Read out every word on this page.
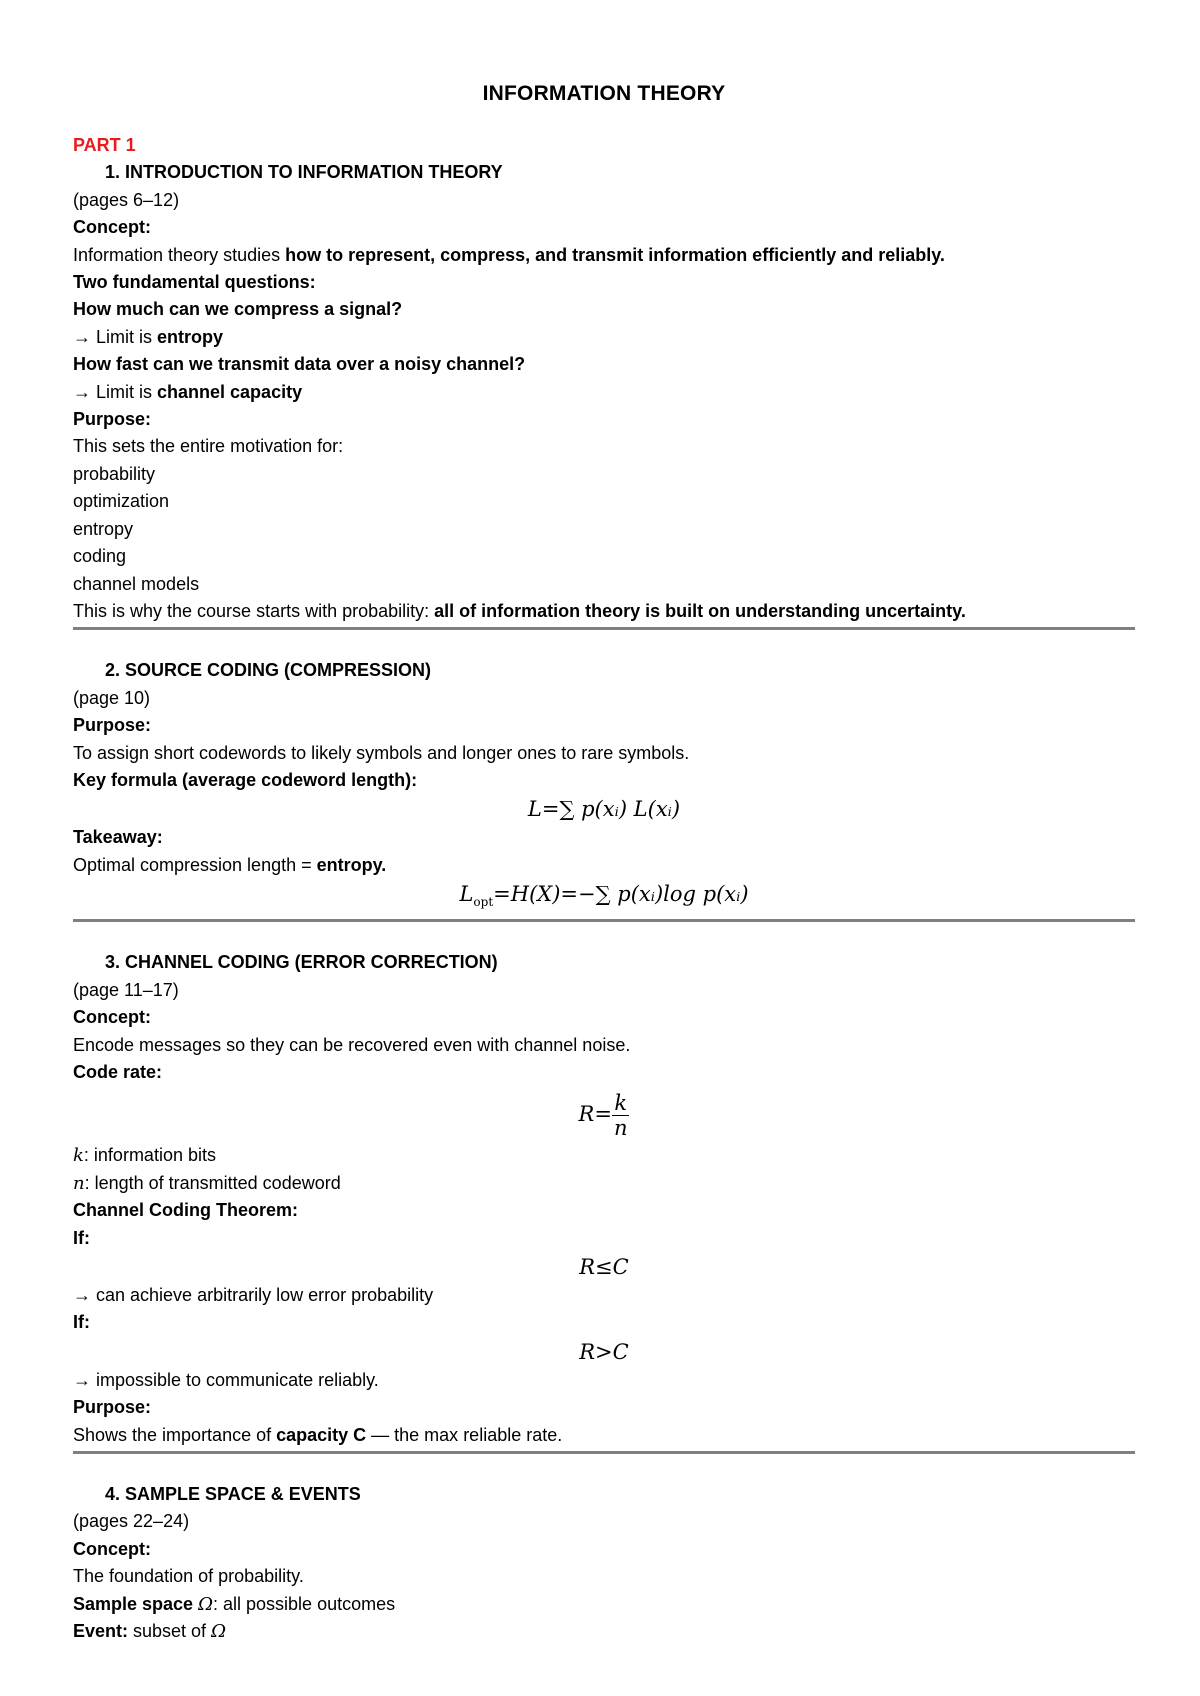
INFORMATION THEORY
PART 1
1. INTRODUCTION TO INFORMATION THEORY
(pages 6–12)
Concept:
Information theory studies how to represent, compress, and transmit information efficiently and reliably.
Two fundamental questions:
How much can we compress a signal?
→ Limit is entropy
How fast can we transmit data over a noisy channel?
→ Limit is channel capacity
Purpose:
This sets the entire motivation for:
probability
optimization
entropy
coding
channel models
This is why the course starts with probability: all of information theory is built on understanding uncertainty.
2. SOURCE CODING (COMPRESSION)
(page 10)
Purpose:
To assign short codewords to likely symbols and longer ones to rare symbols.
Key formula (average codeword length):
L=∑ p(xᵢ) L(xᵢ)
Takeaway:
Optimal compression length = entropy.
$L_{opt}=H(X)=-\sum$ p(xᵢ)log p(xᵢ)
3. CHANNEL CODING (ERROR CORRECTION)
(page 11–17)
Concept:
Encode messages so they can be recovered even with channel noise.
Code rate:
$R= \frac{k}{n}$
k: information bits
n: length of transmitted codeword
Channel Coding Theorem:
If:
R≤C
→ can achieve arbitrarily low error probability
If:
R>C
→ impossible to communicate reliably.
Purpose:
Shows the importance of capacity C — the max reliable rate.
4. SAMPLE SPACE & EVENTS
(pages 22–24)
Concept:
The foundation of probability.
Sample space Ω: all possible outcomes
Event: subset of Ω
